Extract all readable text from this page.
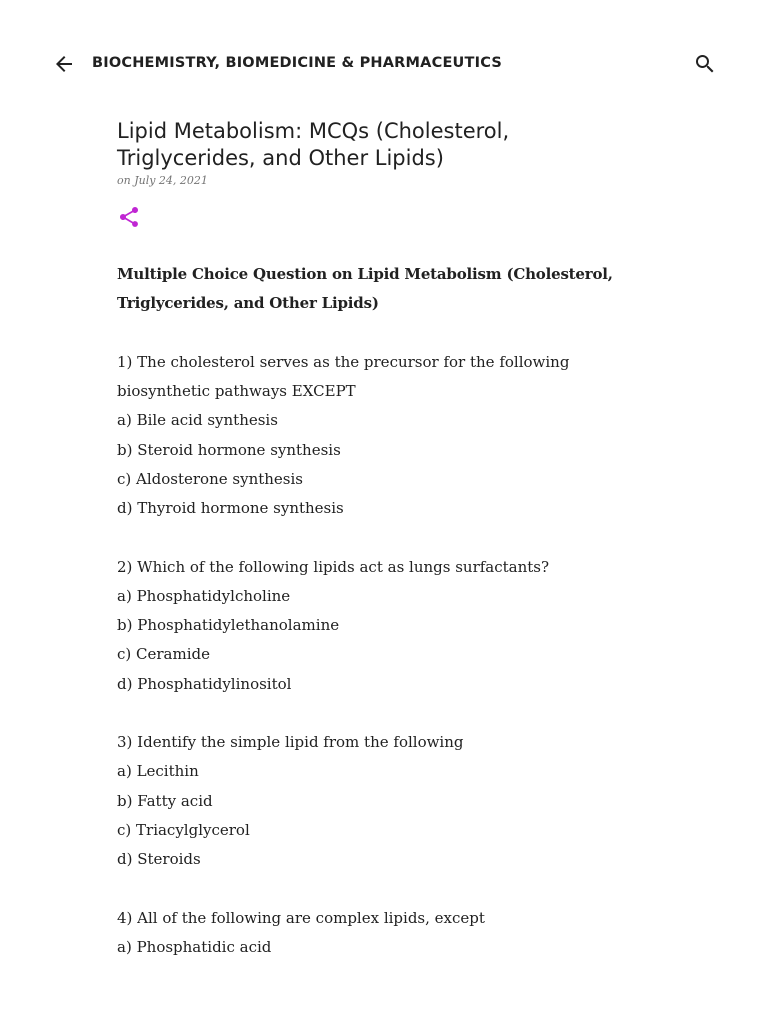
BIOCHEMISTRY, BIOMEDICINE & PHARMACEUTICS
Lipid Metabolism: MCQs (Cholesterol, Triglycerides, and Other Lipids)
on July 24, 2021

Multiple Choice Question on Lipid Metabolism (Cholesterol, Triglycerides, and Other Lipids)

1) The cholesterol serves as the precursor for the following biosynthetic pathways EXCEPT

a) Bile acid synthesis

b) Steroid hormone synthesis

c) Aldosterone synthesis

d) Thyroid hormone synthesis

2) Which of the following lipids act as lungs surfactants?

a) Phosphatidylcholine

b) Phosphatidylethanolamine

c) Ceramide

d) Phosphatidylinositol

3) Identify the simple lipid from the following

a) Lecithin

b) Fatty acid

c) Triacylglycerol

d) Steroids

4) All of the following are complex lipids, except

a) Phosphatidic acid
